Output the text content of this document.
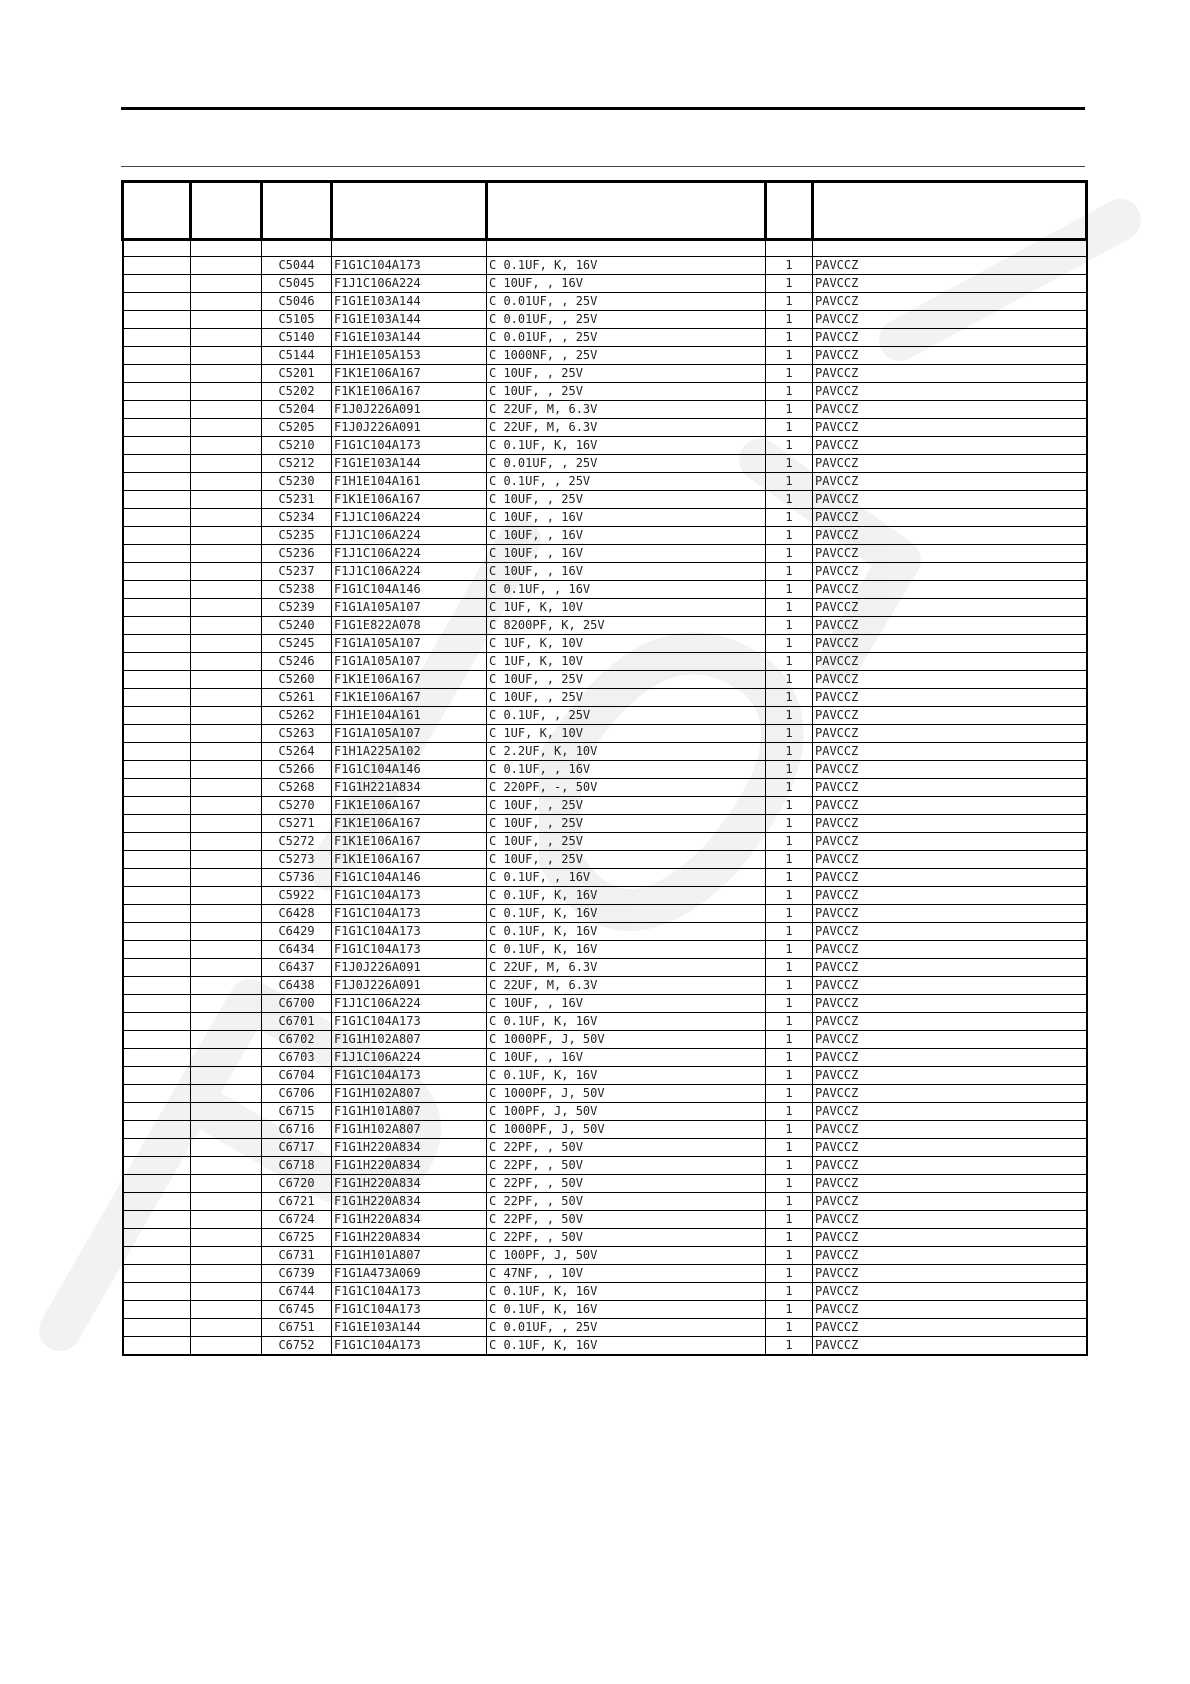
		C5044	F1G1C104A173	C 0.1UF, K, 16V	1	PAVCCZ
		C5045	F1J1C106A224	C 10UF, , 16V	1	PAVCCZ
		C5046	F1G1E103A144	C 0.01UF, , 25V	1	PAVCCZ
		C5105	F1G1E103A144	C 0.01UF, , 25V	1	PAVCCZ
		C5140	F1G1E103A144	C 0.01UF, , 25V	1	PAVCCZ
		C5144	F1H1E105A153	C 1000NF, , 25V	1	PAVCCZ
		C5201	F1K1E106A167	C 10UF, , 25V	1	PAVCCZ
		C5202	F1K1E106A167	C 10UF, , 25V	1	PAVCCZ
		C5204	F1J0J226A091	C 22UF, M, 6.3V	1	PAVCCZ
		C5205	F1J0J226A091	C 22UF, M, 6.3V	1	PAVCCZ
		C5210	F1G1C104A173	C 0.1UF, K, 16V	1	PAVCCZ
		C5212	F1G1E103A144	C 0.01UF, , 25V	1	PAVCCZ
		C5230	F1H1E104A161	C 0.1UF, , 25V	1	PAVCCZ
		C5231	F1K1E106A167	C 10UF, , 25V	1	PAVCCZ
		C5234	F1J1C106A224	C 10UF, , 16V	1	PAVCCZ
		C5235	F1J1C106A224	C 10UF, , 16V	1	PAVCCZ
		C5236	F1J1C106A224	C 10UF, , 16V	1	PAVCCZ
		C5237	F1J1C106A224	C 10UF, , 16V	1	PAVCCZ
		C5238	F1G1C104A146	C 0.1UF, , 16V	1	PAVCCZ
		C5239	F1G1A105A107	C 1UF, K, 10V	1	PAVCCZ
		C5240	F1G1E822A078	C 8200PF, K, 25V	1	PAVCCZ
		C5245	F1G1A105A107	C 1UF, K, 10V	1	PAVCCZ
		C5246	F1G1A105A107	C 1UF, K, 10V	1	PAVCCZ
		C5260	F1K1E106A167	C 10UF, , 25V	1	PAVCCZ
		C5261	F1K1E106A167	C 10UF, , 25V	1	PAVCCZ
		C5262	F1H1E104A161	C 0.1UF, , 25V	1	PAVCCZ
		C5263	F1G1A105A107	C 1UF, K, 10V	1	PAVCCZ
		C5264	F1H1A225A102	C 2.2UF, K, 10V	1	PAVCCZ
		C5266	F1G1C104A146	C 0.1UF, , 16V	1	PAVCCZ
		C5268	F1G1H221A834	C 220PF, -, 50V	1	PAVCCZ
		C5270	F1K1E106A167	C 10UF, , 25V	1	PAVCCZ
		C5271	F1K1E106A167	C 10UF, , 25V	1	PAVCCZ
		C5272	F1K1E106A167	C 10UF, , 25V	1	PAVCCZ
		C5273	F1K1E106A167	C 10UF, , 25V	1	PAVCCZ
		C5736	F1G1C104A146	C 0.1UF, , 16V	1	PAVCCZ
		C5922	F1G1C104A173	C 0.1UF, K, 16V	1	PAVCCZ
		C6428	F1G1C104A173	C 0.1UF, K, 16V	1	PAVCCZ
		C6429	F1G1C104A173	C 0.1UF, K, 16V	1	PAVCCZ
		C6434	F1G1C104A173	C 0.1UF, K, 16V	1	PAVCCZ
		C6437	F1J0J226A091	C 22UF, M, 6.3V	1	PAVCCZ
		C6438	F1J0J226A091	C 22UF, M, 6.3V	1	PAVCCZ
		C6700	F1J1C106A224	C 10UF, , 16V	1	PAVCCZ
		C6701	F1G1C104A173	C 0.1UF, K, 16V	1	PAVCCZ
		C6702	F1G1H102A807	C 1000PF, J, 50V	1	PAVCCZ
		C6703	F1J1C106A224	C 10UF, , 16V	1	PAVCCZ
		C6704	F1G1C104A173	C 0.1UF, K, 16V	1	PAVCCZ
		C6706	F1G1H102A807	C 1000PF, J, 50V	1	PAVCCZ
		C6715	F1G1H101A807	C 100PF, J, 50V	1	PAVCCZ
		C6716	F1G1H102A807	C 1000PF, J, 50V	1	PAVCCZ
		C6717	F1G1H220A834	C 22PF, , 50V	1	PAVCCZ
		C6718	F1G1H220A834	C 22PF, , 50V	1	PAVCCZ
		C6720	F1G1H220A834	C 22PF, , 50V	1	PAVCCZ
		C6721	F1G1H220A834	C 22PF, , 50V	1	PAVCCZ
		C6724	F1G1H220A834	C 22PF, , 50V	1	PAVCCZ
		C6725	F1G1H220A834	C 22PF, , 50V	1	PAVCCZ
		C6731	F1G1H101A807	C 100PF, J, 50V	1	PAVCCZ
		C6739	F1G1A473A069	C 47NF, , 10V	1	PAVCCZ
		C6744	F1G1C104A173	C 0.1UF, K, 16V	1	PAVCCZ
		C6745	F1G1C104A173	C 0.1UF, K, 16V	1	PAVCCZ
		C6751	F1G1E103A144	C 0.01UF, , 25V	1	PAVCCZ
		C6752	F1G1C104A173	C 0.1UF, K, 16V	1	PAVCCZ
